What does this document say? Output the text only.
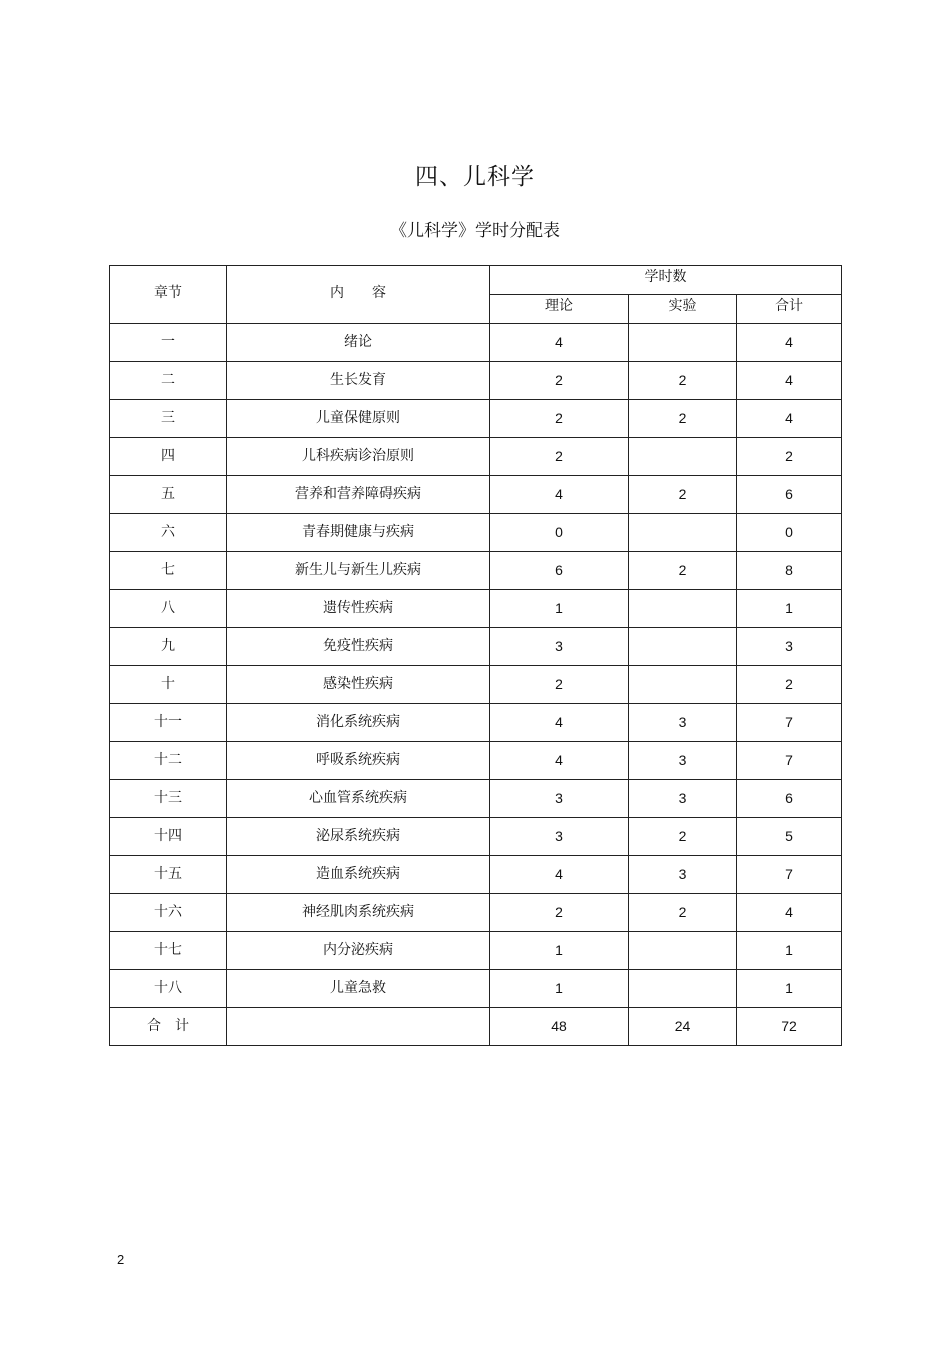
四、儿科学
《儿科学》学时分配表
章节	内　　容	学时数		
		理论	实验	合计
一	绪论	4		4
二	生长发育	2	2	4
三	儿童保健原则	2	2	4
四	儿科疾病诊治原则	2		2
五	营养和营养障碍疾病	4	2	6
六	青春期健康与疾病	0		0
七	新生儿与新生儿疾病	6	2	8
八	遗传性疾病	1		1
九	免疫性疾病	3		3
十	感染性疾病	2		2
十一	消化系统疾病	4	3	7
十二	呼吸系统疾病	4	3	7
十三	心血管系统疾病	3	3	6
十四	泌尿系统疾病	3	2	5
十五	造血系统疾病	4	3	7
十六	神经肌肉系统疾病	2	2	4
十七	内分泌疾病	1		1
十八	儿童急救	1		1
合　计		48	24	72
2
